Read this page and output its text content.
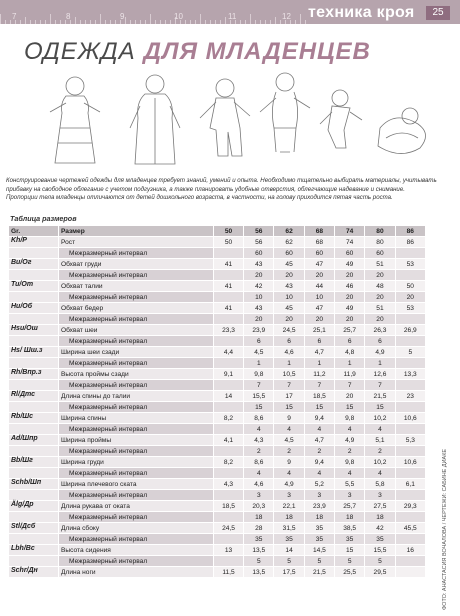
7	8	9	10	11	12 техника кроя	25
ОДЕЖДА ДЛЯ МЛАДЕНЦЕВ
Конструирование чертежей одежды для младенцев требует знаний, умений и опыта. Необходимо тщательно выбирать материалы, учитывать прибавку на свободное облегание с учетом подгузника, а также планировать удобные отверстия, облегчающие надевание и снимание. Пропорции тела младенцы отличаются от детей дошкольного возраста, в частности, на голову приходится пятая часть роста.
Таблица размеров
Gr.	Размер	50	56	62	68	74	80	86
Kh/P	Рост	50	56	62	68	74	80	86
	Межразмерный интервал		60	60	60	60	60	
Bu/Oг	Обхват груди	41	43	45	47	49	51	53
	Межразмерный интервал		20	20	20	20	20	
Tu/От	Обхват талии	41	42	43	44	46	48	50
	Межразмерный интервал		10	10	10	20	20	20
Hu/Об	Обхват бедер	41	43	45	47	49	51	53
	Межразмерный интервал		20	20	20	20	20	
Hsu/Ош	Обхват шеи	23,3	23,9	24,5	25,1	25,7	26,3	26,9
	Межразмерный интервал		6	6	6	6	6	
Hs/ Шш.з	Ширина шеи сзади	4,4	4,5	4,6	4,7	4,8	4,9	5
	Межразмерный интервал		1	1	1	1	1	
Rh/Впр.з	Высота проймы сзади	9,1	9,8	10,5	11,2	11,9	12,6	13,3
	Межразмерный интервал		7	7	7	7	7	
Rl/Дтс	Длина спины до талии	14	15,5	17	18,5	20	21,5	23
	Межразмерный интервал		15	15	15	15	15	
Rb/Шс	Ширина спины	8,2	8,6	9	9,4	9,8	10,2	10,6
	Межразмерный интервал		4	4	4	4	4	
Ad/Шпр	Ширина проймы	4,1	4,3	4,5	4,7	4,9	5,1	5,3
	Межразмерный интервал		2	2	2	2	2	
Bb/Шг	Ширина груди	8,2	8,6	9	9,4	9,8	10,2	10,6
	Межразмерный интервал		4	4	4	4	4	
Schb/Шп	Ширина плечевого ската	4,3	4,6	4,9	5,2	5,5	5,8	6,1
	Межразмерный интервал		3	3	3	3	3	
Älg/Др	Длина рукава от оката	18,5	20,3	22,1	23,9	25,7	27,5	29,3
	Межразмерный интервал		18	18	18	18	18	
Stl/Дсб	Длина сбоку	24,5	28	31,5	35	38,5	42	45,5
	Межразмерный интервал		35	35	35	35	35	
Lbh/Вс	Высота сидения	13	13,5	14	14,5	15	15,5	16
	Межразмерный интервал		5	5	5	5	5	
Schr/Дн	Длина ноги	11,5	13,5	17,5	21,5	25,5	29,5		ФОТО: АНАСТАСИЯ ВОЧАЛОВА / ЧЕРТЕЖИ: САБИНЕ ДИАКЕ
